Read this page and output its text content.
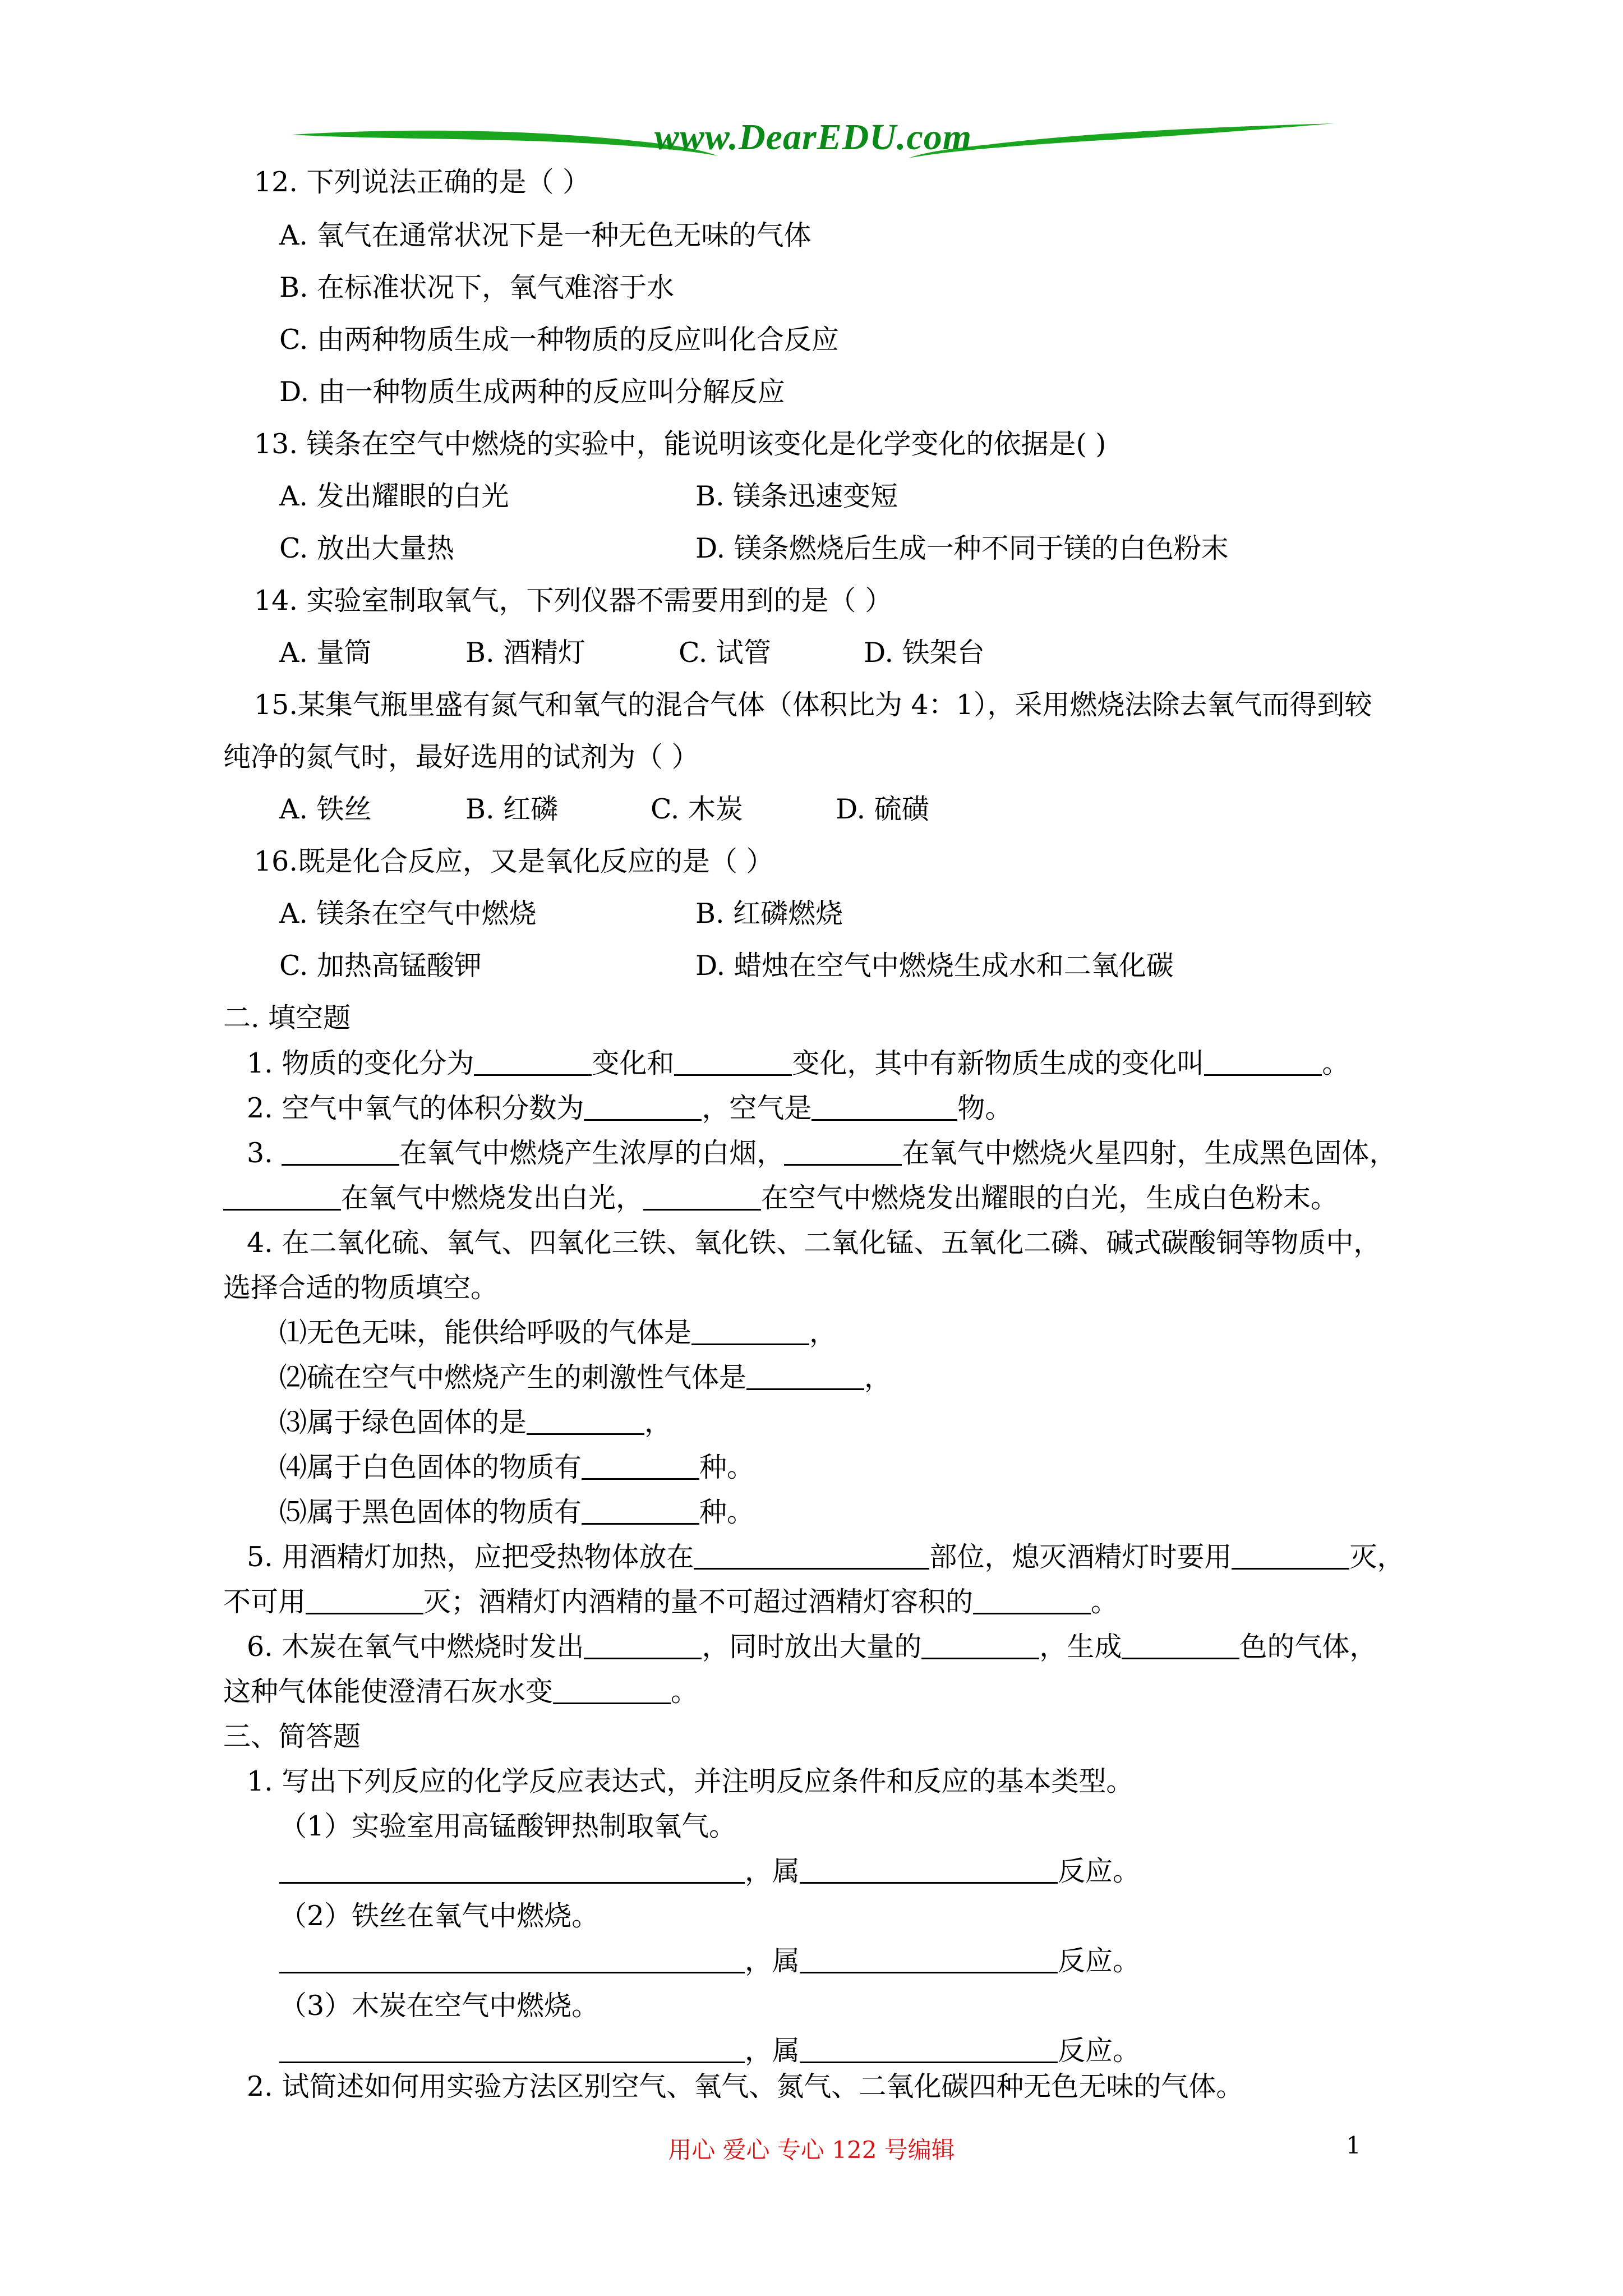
www.DearEDU.com
12. 下列说法正确的是（ ）
A. 氧气在通常状况下是一种无色无味的气体
B. 在标准状况下，氧气难溶于水
C. 由两种物质生成一种物质的反应叫化合反应
D. 由一种物质生成两种的反应叫分解反应
13. 镁条在空气中燃烧的实验中，能说明该变化是化学变化的依据是( )
A. 发出耀眼的白光	B. 镁条迅速变短
C. 放出大量热	D. 镁条燃烧后生成一种不同于镁的白色粉末
14. 实验室制取氧气，下列仪器不需要用到的是（ ）
A. 量筒	B. 酒精灯	C. 试管	D. 铁架台
15.某集气瓶里盛有氮气和氧气的混合气体（体积比为 4：1），采用燃烧法除去氧气而得到较
纯净的氮气时，最好选用的试剂为（ ）
A. 铁丝	B. 红磷	C. 木炭	D. 硫磺
16.既是化合反应，又是氧化反应的是（ ）
A. 镁条在空气中燃烧	B. 红磷燃烧
C. 加热高锰酸钾	D. 蜡烛在空气中燃烧生成水和二氧化碳
二. 填空题
1. 物质的变化分为	变化和	变化，其中有新物质生成的变化叫	。
2. 空气中氧气的体积分数为	，空气是	物。
3.	在氧气中燃烧产生浓厚的白烟，	在氧气中燃烧火星四射，生成黑色固体，
在氧气中燃烧发出白光，	在空气中燃烧发出耀眼的白光，生成白色粉末。
4. 在二氧化硫、氧气、四氧化三铁、氧化铁、二氧化锰、五氧化二磷、碱式碳酸铜等物质中，
选择合适的物质填空。
⑴无色无味，能供给呼吸的气体是	，
⑵硫在空气中燃烧产生的刺激性气体是	，
⑶属于绿色固体的是	，
⑷属于白色固体的物质有	种。
⑸属于黑色固体的物质有	种。
5. 用酒精灯加热，应把受热物体放在	部位，熄灭酒精灯时要用	灭，
不可用	灭；酒精灯内酒精的量不可超过酒精灯容积的	。
6. 木炭在氧气中燃烧时发出	，同时放出大量的	，生成	色的气体，
这种气体能使澄清石灰水变	。
三、简答题
1. 写出下列反应的化学反应表达式，并注明反应条件和反应的基本类型。
（1）实验室用高锰酸钾热制取氧气。
，属	反应。
（2）铁丝在氧气中燃烧。
，属	反应。
（3）木炭在空气中燃烧。
，属	反应。
2. 试简述如何用实验方法区别空气、氧气、氮气、二氧化碳四种无色无味的气体。
用心 爱心 专心 122 号编辑	1
